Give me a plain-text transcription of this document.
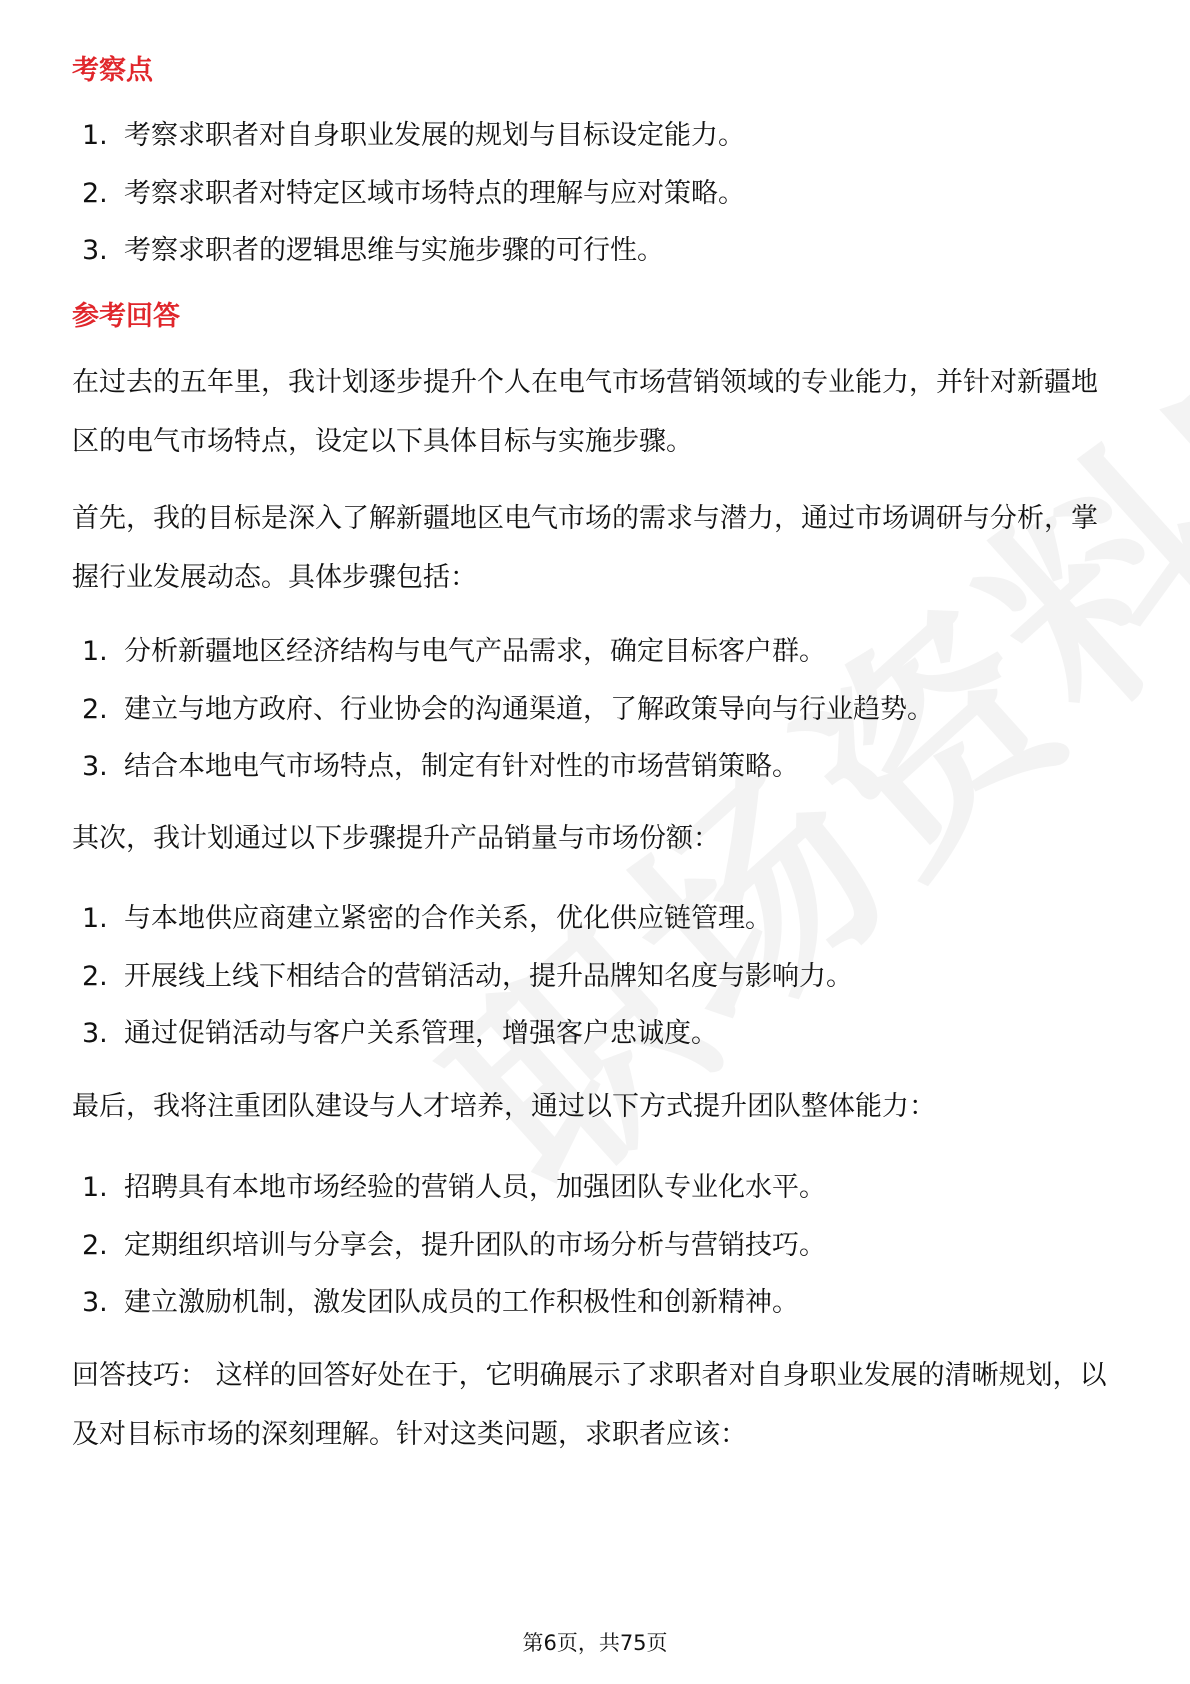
考察点
1. 考察求职者对自身职业发展的规划与目标设定能力。
2. 考察求职者对特定区域市场特点的理解与应对策略。
3. 考察求职者的逻辑思维与实施步骤的可行性。
参考回答

在过去的五年里，我计划逐步提升个人在电气市场营销领域的专业能力，并针对新疆地区的电气市场特点，设定以下具体目标与实施步骤。

首先，我的目标是深入了解新疆地区电气市场的需求与潜力，通过市场调研与分析，掌握行业发展动态。具体步骤包括：

1. 分析新疆地区经济结构与电气产品需求，确定目标客户群。
2. 建立与地方政府、行业协会的沟通渠道，了解政策导向与行业趋势。
3. 结合本地电气市场特点，制定有针对性的市场营销策略。

其次，我计划通过以下步骤提升产品销量与市场份额：

1. 与本地供应商建立紧密的合作关系，优化供应链管理。
2. 开展线上线下相结合的营销活动，提升品牌知名度与影响力。
3. 通过促销活动与客户关系管理，增强客户忠诚度。

最后，我将注重团队建设与人才培养，通过以下方式提升团队整体能力：

1. 招聘具有本地市场经验的营销人员，加强团队专业化水平。
2. 定期组织培训与分享会，提升团队的市场分析与营销技巧。
3. 建立激励机制，激发团队成员的工作积极性和创新精神。

回答技巧： 这样的回答好处在于，它明确展示了求职者对自身职业发展的清晰规划，以及对目标市场的深刻理解。针对这类问题，求职者应该：

第6页，共75页
